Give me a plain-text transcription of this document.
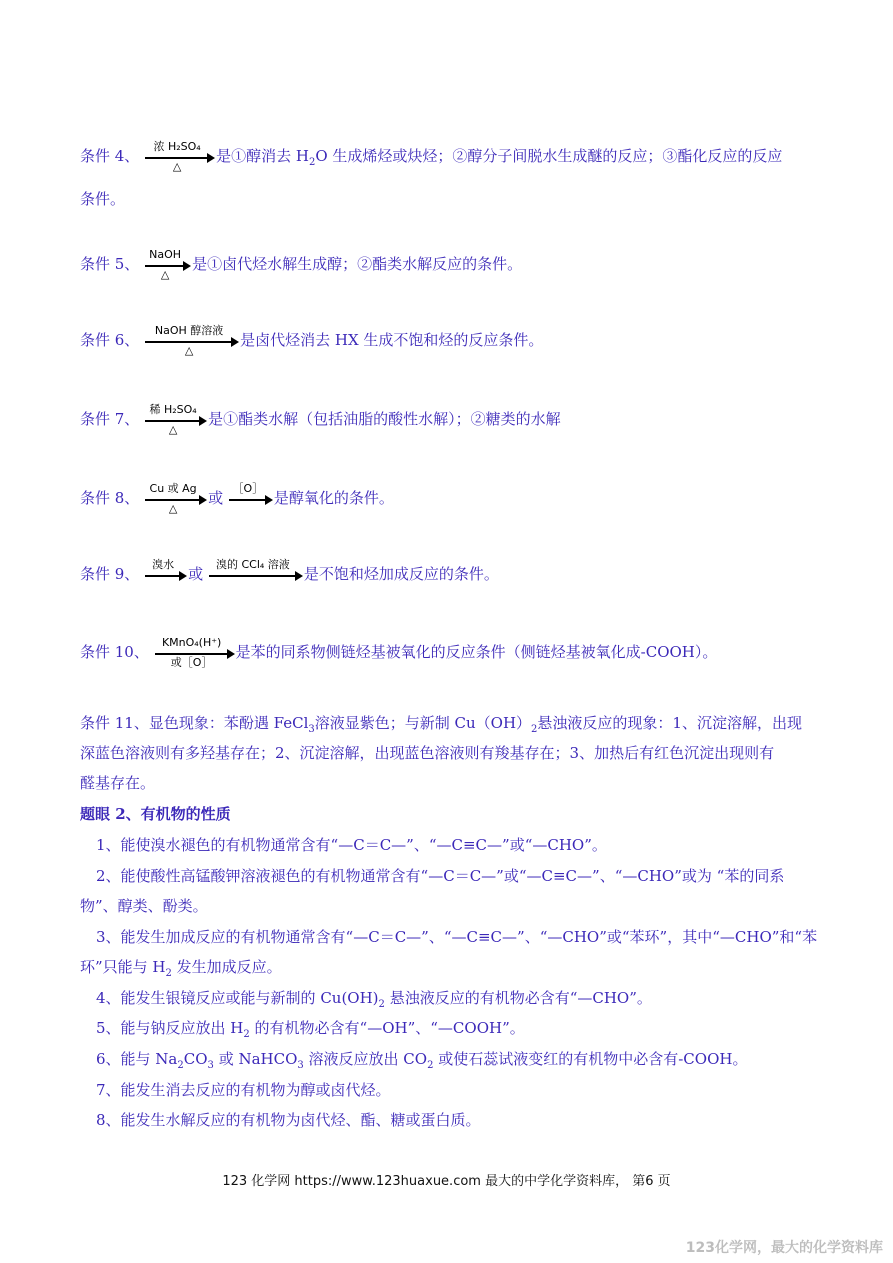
条件 4、
浓 H₂SO₄
△
是①醇消去 $H_2O$ 生成烯烃或炔烃；②醇分子间脱水生成醚的反应；③酯化反应的反应
条件。
条件 5、
NaOH
△
是①卤代烃水解生成醇；②酯类水解反应的条件。
条件 6、
NaOH 醇溶液
△
是卤代烃消去 HX 生成不饱和烃的反应条件。
条件 7、
稀 H₂SO₄
△
是①酯类水解（包括油脂的酸性水解）；②糖类的水解
条件 8、
Cu 或 Ag
△
或
［O］
是醇氧化的条件。
条件 9、
溴水
或
溴的 CCl₄ 溶液
是不饱和烃加成反应的条件。
条件 10、
KMnO₄(H⁺)
或［O］
是苯的同系物侧链烃基被氧化的反应条件（侧链烃基被氧化成-COOH）。
条件 11、显色现象：苯酚遇 FeCl$_3$溶液显紫色；与新制 $Cu(OH)_2$悬浊液反应的现象：1、沉淀溶解，出现
深蓝色溶液则有多羟基存在；2、沉淀溶解，出现蓝色溶液则有羧基存在；3、加热后有红色沉淀出现则有
醛基存在。
题眼 2、有机物的性质
1、能使溴水褪色的有机物通常含有“—C＝C—”、“—C≡C—”或“—CHO”。
2、能使酸性高锰酸钾溶液褪色的有机物通常含有“—C＝C—”或“—C≡C—”、“—CHO”或为 “苯的同系
物”、醇类、酚类。
3、能发生加成反应的有机物通常含有“—C＝C—”、“—C≡C—”、“—CHO”或“苯环”，其中“—CHO”和“苯
环”只能与 $H_2$ 发生加成反应。
4、能发生银镜反应或能与新制的 $Cu(OH)_2$ 悬浊液反应的有机物必含有“—CHO”。
5、能与钠反应放出 $H_2$ 的有机物必含有“—OH”、“—COOH”。
6、能与 $Na_2CO_3$ 或 NaHCO$_3$ 溶液反应放出 $CO_2$ 或使石蕊试液变红的有机物中必含有-COOH。
7、能发生消去反应的有机物为醇或卤代烃。
8、能发生水解反应的有机物为卤代烃、酯、糖或蛋白质。
123 化学网 https://www.123huaxue.com 最大的中学化学资料库， 第6 页
123化学网，最大的化学资料库
